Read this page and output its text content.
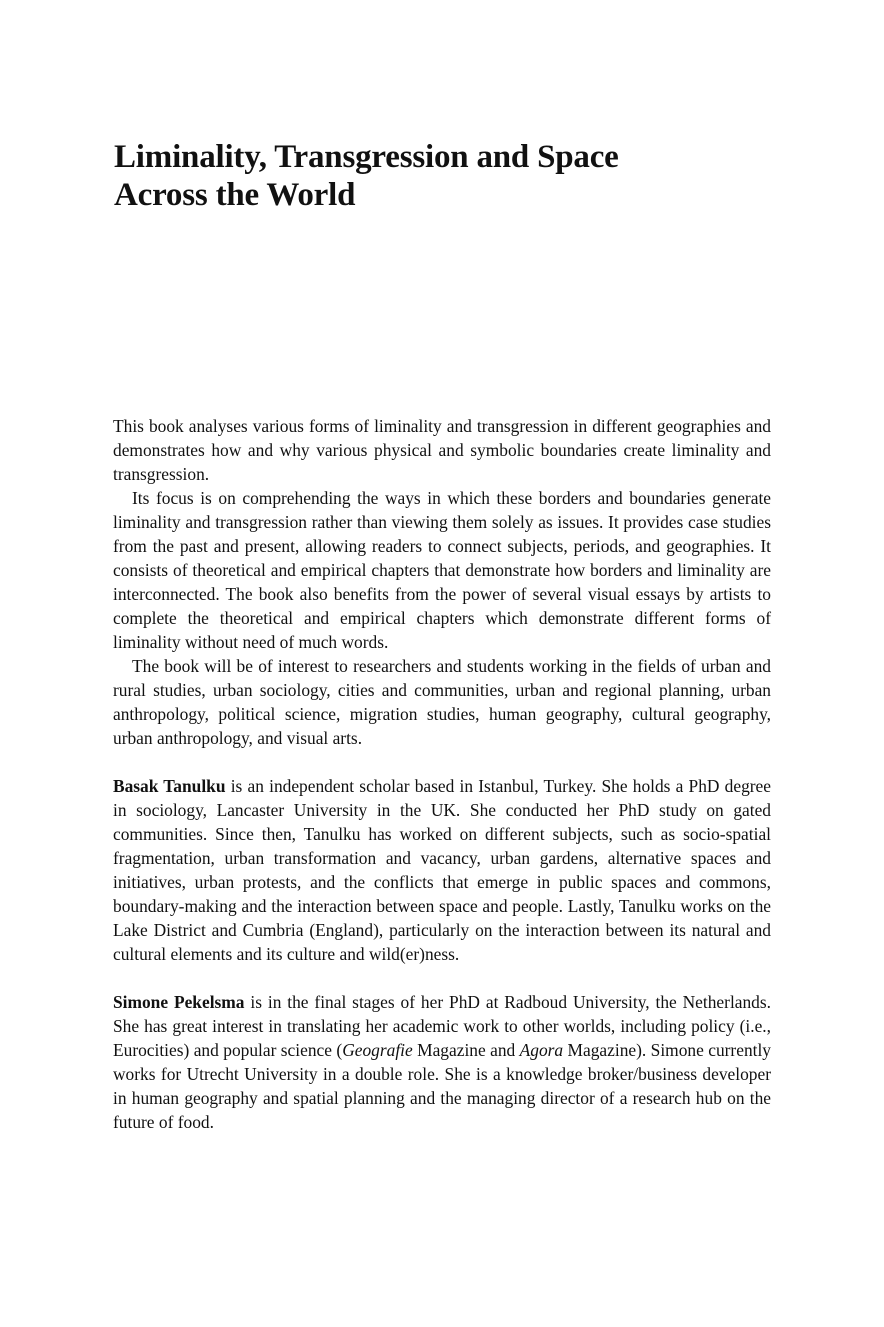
Liminality, Transgression and Space
Across the World

This book analyses various forms of liminality and transgression in different geographies and demonstrates how and why various physical and symbolic boundaries create liminality and transgression.

Its focus is on comprehending the ways in which these borders and boundaries generate liminality and transgression rather than viewing them solely as issues. It provides case studies from the past and present, allowing readers to connect subjects, periods, and geographies. It consists of theoretical and empirical chapters that demonstrate how borders and liminality are interconnected. The book also benefits from the power of several visual essays by artists to complete the theoretical and empirical chapters which demonstrate different forms of liminality without need of much words.

The book will be of interest to researchers and students working in the fields of urban and rural studies, urban sociology, cities and communities, urban and regional planning, urban anthropology, political science, migration studies, human geography, cultural geography, urban anthropology, and visual arts.

Basak Tanulku is an independent scholar based in Istanbul, Turkey. She holds a PhD degree in sociology, Lancaster University in the UK. She conducted her PhD study on gated communities. Since then, Tanulku has worked on different subjects, such as socio-spatial fragmentation, urban transformation and vacancy, urban gardens, alternative spaces and initiatives, urban protests, and the conflicts that emerge in public spaces and commons, boundary-making and the interaction between space and people. Lastly, Tanulku works on the Lake District and Cumbria (England), particularly on the interaction between its natural and cultural elements and its culture and wild(er)ness.

Simone Pekelsma is in the final stages of her PhD at Radboud University, the Netherlands. She has great interest in translating her academic work to other worlds, including policy (i.e., Eurocities) and popular science (Geografie Magazine and Agora Magazine). Simone currently works for Utrecht University in a double role. She is a knowledge broker/business developer in human geography and spatial planning and the managing director of a research hub on the future of food.
